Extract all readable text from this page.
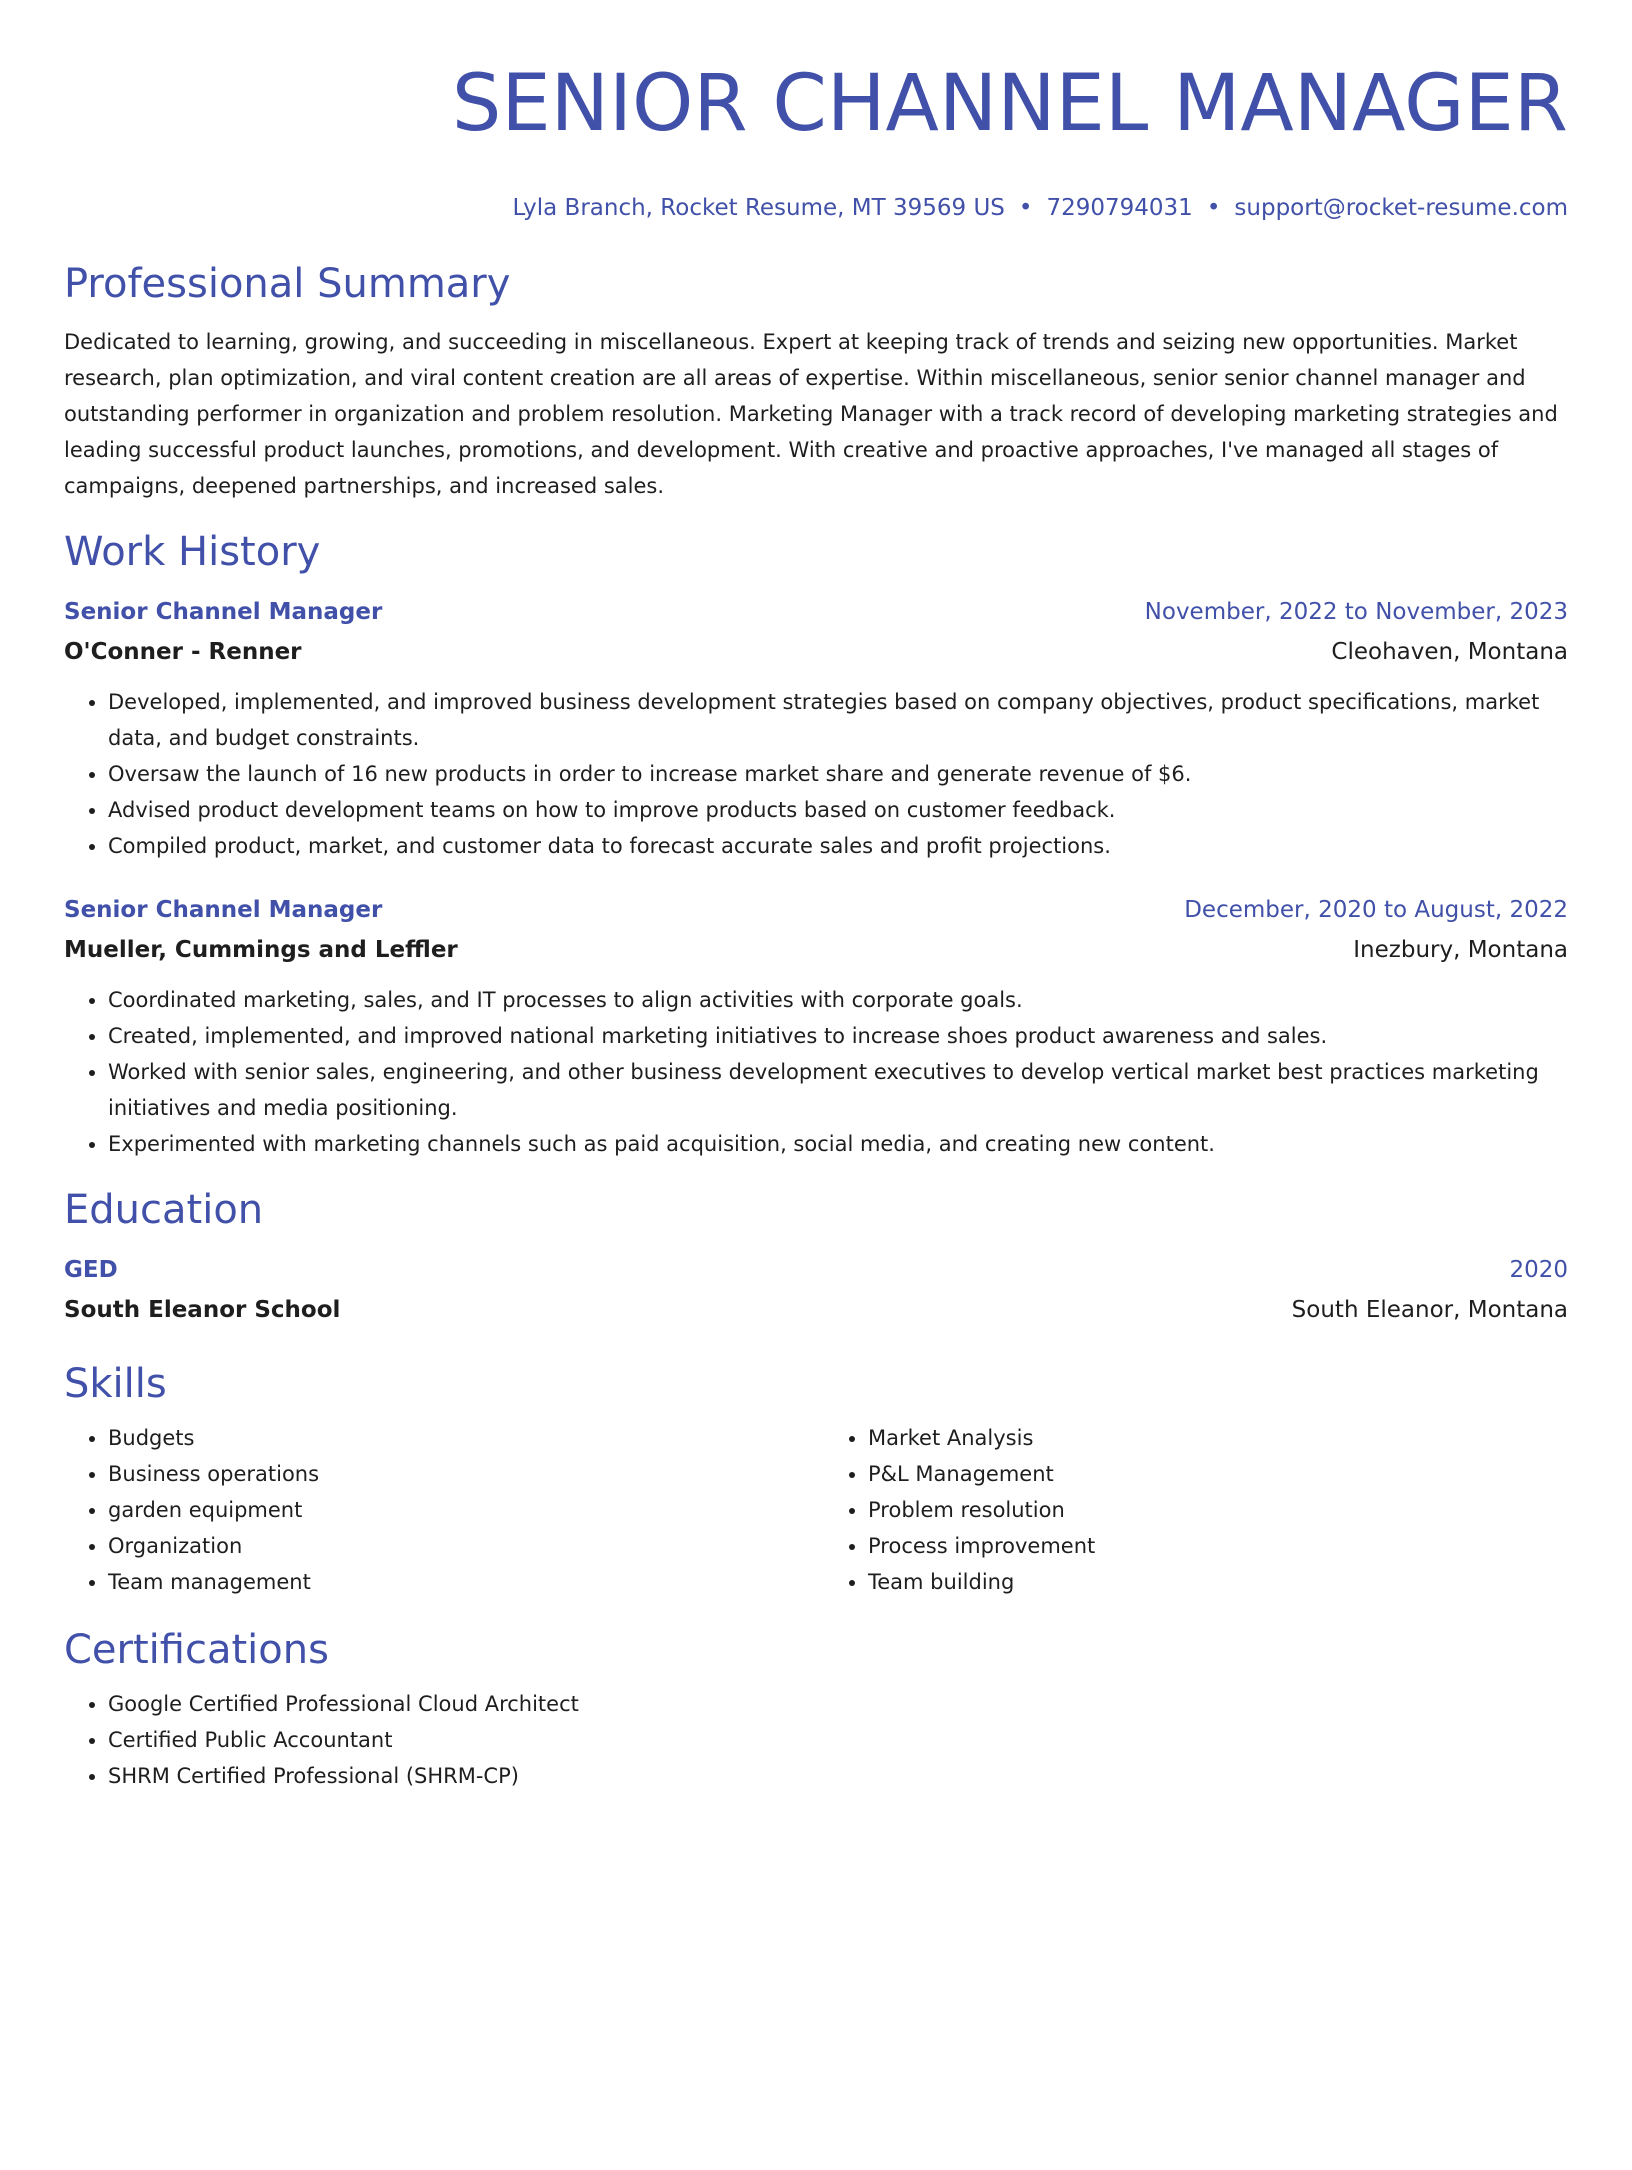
SENIOR CHANNEL MANAGER
Lyla Branch, Rocket Resume, MT 39569 US • 7290794031 • support@rocket-resume.com
Professional Summary

Dedicated to learning, growing, and succeeding in miscellaneous. Expert at keeping track of trends and seizing new opportunities. Market research, plan optimization, and viral content creation are all areas of expertise. Within miscellaneous, senior senior channel manager and outstanding performer in organization and problem resolution. Marketing Manager with a track record of developing marketing strategies and leading successful product launches, promotions, and development. With creative and proactive approaches, I've managed all stages of campaigns, deepened partnerships, and increased sales.

Work History
Senior Channel Manager	November, 2022 to November, 2023
O'Conner - Renner	Cleohaven, Montana
• Developed, implemented, and improved business development strategies based on company objectives, product specifications, market data, and budget constraints.
• Oversaw the launch of 16 new products in order to increase market share and generate revenue of $6.
• Advised product development teams on how to improve products based on customer feedback.
• Compiled product, market, and customer data to forecast accurate sales and profit projections.
Senior Channel Manager	December, 2020 to August, 2022
Mueller, Cummings and Leffler	Inezbury, Montana
• Coordinated marketing, sales, and IT processes to align activities with corporate goals.
• Created, implemented, and improved national marketing initiatives to increase shoes product awareness and sales.
• Worked with senior sales, engineering, and other business development executives to develop vertical market best practices marketing initiatives and media positioning.
• Experimented with marketing channels such as paid acquisition, social media, and creating new content.
Education
GED	2020
South Eleanor School	South Eleanor, Montana
Skills
• Budgets
• Business operations
• garden equipment
• Organization
• Team management
• Market Analysis
• P&L Management
• Problem resolution
• Process improvement
• Team building
Certifications
• Google Certified Professional Cloud Architect
• Certified Public Accountant
• SHRM Certified Professional (SHRM-CP)
